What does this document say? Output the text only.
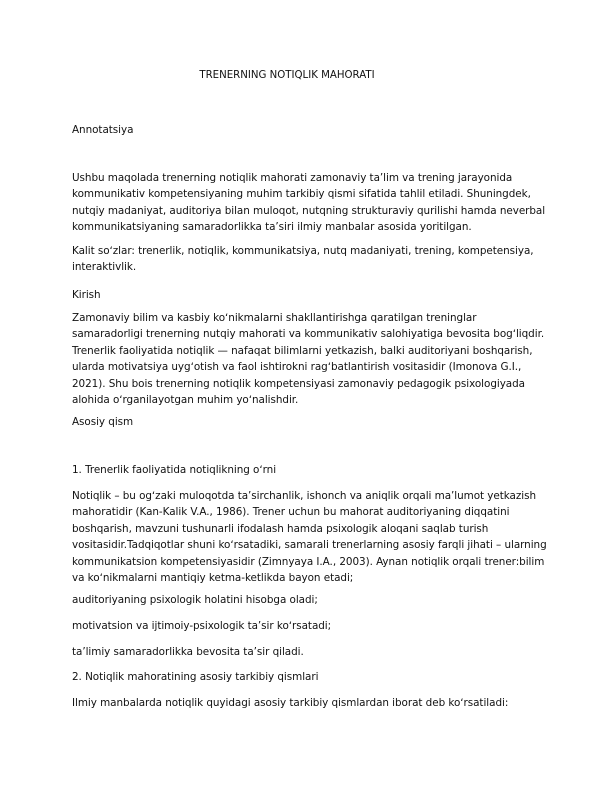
TRENERNING NOTIQLIK MAHORATI

Annotatsiya

Ushbu maqolada trenerning notiqlik mahorati zamonaviy taʼlim va trening jarayonida kommunikativ kompetensiyaning muhim tarkibiy qismi sifatida tahlil etiladi. Shuningdek, nutqiy madaniyat, auditoriya bilan muloqot, nutqning strukturaviy qurilishi hamda neverbal kommunikatsiyaning samaradorlikka taʼsiri ilmiy manbalar asosida yoritilgan.

Kalit soʻzlar: trenerlik, notiqlik, kommunikatsiya, nutq madaniyati, trening, kompetensiya, interaktivlik.

Kirish

Zamonaviy bilim va kasbiy koʻnikmalarni shakllantirishga qaratilgan treninglar samaradorligi trenerning nutqiy mahorati va kommunikativ salohiyatiga bevosita bogʻliqdir. Trenerlik faoliyatida notiqlik — nafaqat bilimlarni yetkazish, balki auditoriyani boshqarish, ularda motivatsiya uygʻotish va faol ishtirokni ragʻbatlantirish vositasidir (Imonova G.I., 2021). Shu bois trenerning notiqlik kompetensiyasi zamonaviy pedagogik psixologiyada alohida oʻrganilayotgan muhim yoʻnalishdir.

Asosiy qism

1. Trenerlik faoliyatida notiqlikning oʻrni

Notiqlik – bu ogʻzaki muloqotda taʼsirchanlik, ishonch va aniqlik orqali maʼlumot yetkazish mahoratidir (Kan-Kalik V.A., 1986). Trener uchun bu mahorat auditoriyaning diqqatini boshqarish, mavzuni tushunarli ifodalash hamda psixologik aloqani saqlab turish vositasidir.Tadqiqotlar shuni koʻrsatadiki, samarali trenerlarning asosiy farqli jihati – ularning kommunikatsion kompetensiyasidir (Zimnyaya I.A., 2003). Aynan notiqlik orqali trener:bilim va koʻnikmalarni mantiqiy ketma-ketlikda bayon etadi;

auditoriyaning psixologik holatini hisobga oladi;

motivatsion va ijtimoiy-psixologik taʼsir koʻrsatadi;

taʼlimiy samaradorlikka bevosita taʼsir qiladi.

2. Notiqlik mahoratining asosiy tarkibiy qismlari

Ilmiy manbalarda notiqlik quyidagi asosiy tarkibiy qismlardan iborat deb koʻrsatiladi:
